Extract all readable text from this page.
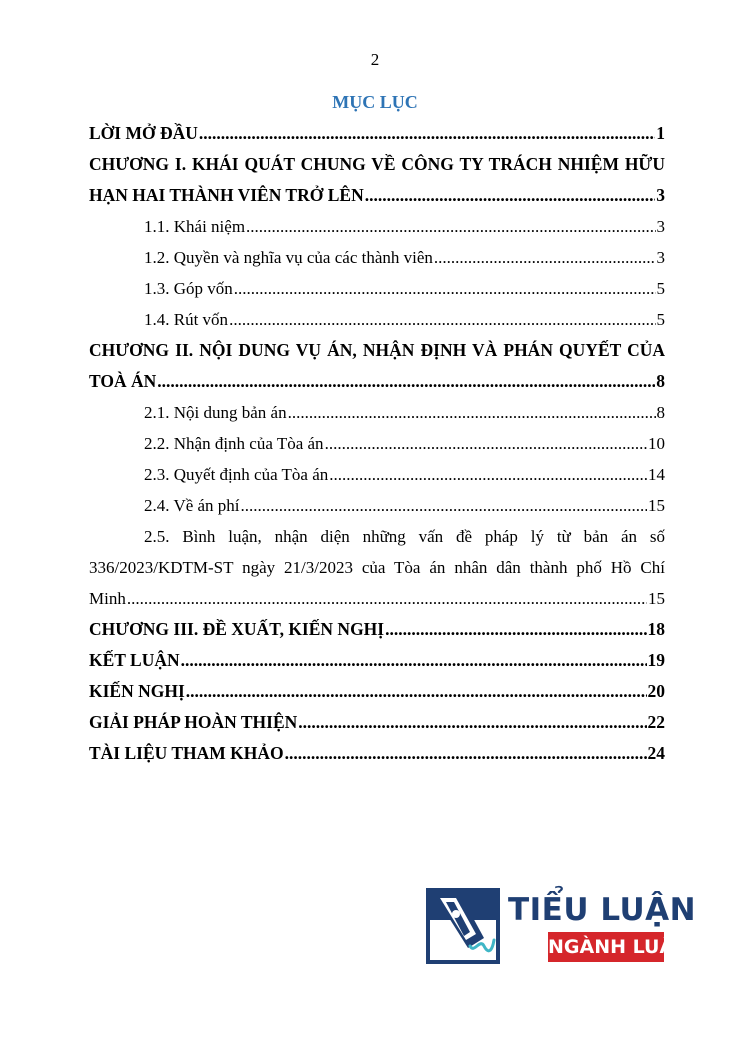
2
MỤC LỤC
LỜI MỞ ĐẦU .....	1
CHƯƠNG I. KHÁI QUÁT CHUNG VỀ CÔNG TY TRÁCH NHIỆM HỮU
HẠN HAI THÀNH VIÊN TRỞ LÊN .....	3
1.1. Khái niệm .....	3
1.2. Quyền và nghĩa vụ của các thành viên .....	3
1.3. Góp vốn .....	5
1.4. Rút vốn .....	5
CHƯƠNG II. NỘI DUNG VỤ ÁN, NHẬN ĐỊNH VÀ PHÁN QUYẾT CỦA
TOÀ ÁN .....	8
2.1. Nội dung bản án .....	8
2.2. Nhận định của Tòa án .....	10
2.3. Quyết định của Tòa án .....	14
2.4. Về án phí .....	15
2.5. Bình luận, nhận diện những vấn đề pháp lý từ bản án số
336/2023/KDTM-ST ngày 21/3/2023 của Tòa án nhân dân thành phố Hồ Chí
Minh .....	15
CHƯƠNG III. ĐỀ XUẤT, KIẾN NGHỊ .....	18
KẾT LUẬN .....	19
KIẾN NGHỊ .....	20
GIẢI PHÁP HOÀN THIỆN .....	22
TÀI LIỆU THAM KHẢO .....	24
TIỂU LUẬN
NGÀNH LUẬT
